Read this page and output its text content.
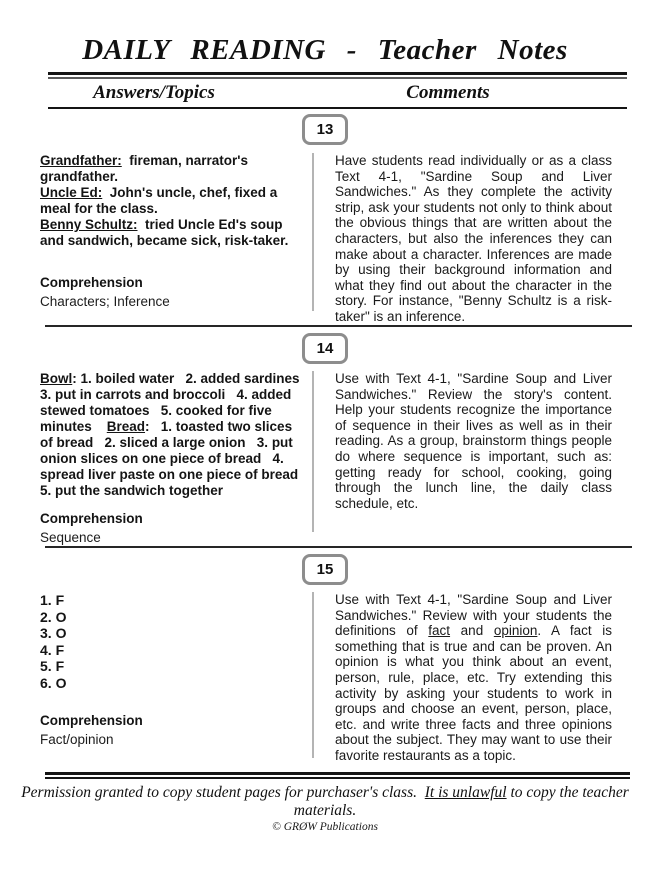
DAILY READING - Teacher Notes
Answers/Topics	Comments
13

Grandfather:  fireman, narrator's grandfather.

Uncle Ed:  John's uncle, chef, fixed a meal for the class.

Benny Schultz:  tried Uncle Ed's soup and sandwich, became sick, risk-taker.

Comprehension

Characters; Inference

Have students read individually or as a class Text 4-1, "Sardine Soup and Liver Sandwiches." As they complete the activity strip, ask your students not only to think about the obvious things that are written about the characters, but also the inferences they can make about a character. Inferences are made by using their background information and what they find out about the character in the story. For instance, "Benny Schultz is a risk-taker" is an inference.

14

Bowl: 1. boiled water   2. added sardines 3. put in carrots and broccoli   4. added stewed tomatoes   5. cooked for five minutes    Bread:   1. toasted two slices of bread   2. sliced a large onion   3. put onion slices on one piece of bread   4. spread liver paste on one piece of bread   5. put the sandwich together

Comprehension

Sequence

Use with Text 4-1, "Sardine Soup and Liver Sandwiches." Review the story's content. Help your students recognize the importance of sequence in their lives as well as in their reading. As a group, brainstorm things people do where sequence is important, such as: getting ready for school, cooking, going through the lunch line, the daily class schedule, etc.

15

1. F

2. O

3. O

4. F

5. F

6. O

Comprehension

Fact/opinion

Use with Text 4-1, "Sardine Soup and Liver Sandwiches." Review with your students the definitions of fact and opinion. A fact is something that is true and can be proven. An opinion is what you think about an event, person, rule, place, etc. Try extending this activity by asking your students to work in groups and choose an event, person, place, etc. and write three facts and three opinions about the subject. They may want to use their favorite restaurants as a topic.

Permission granted to copy student pages for purchaser's class.  It is unlawful to copy the teacher materials.

© GRØW Publications
